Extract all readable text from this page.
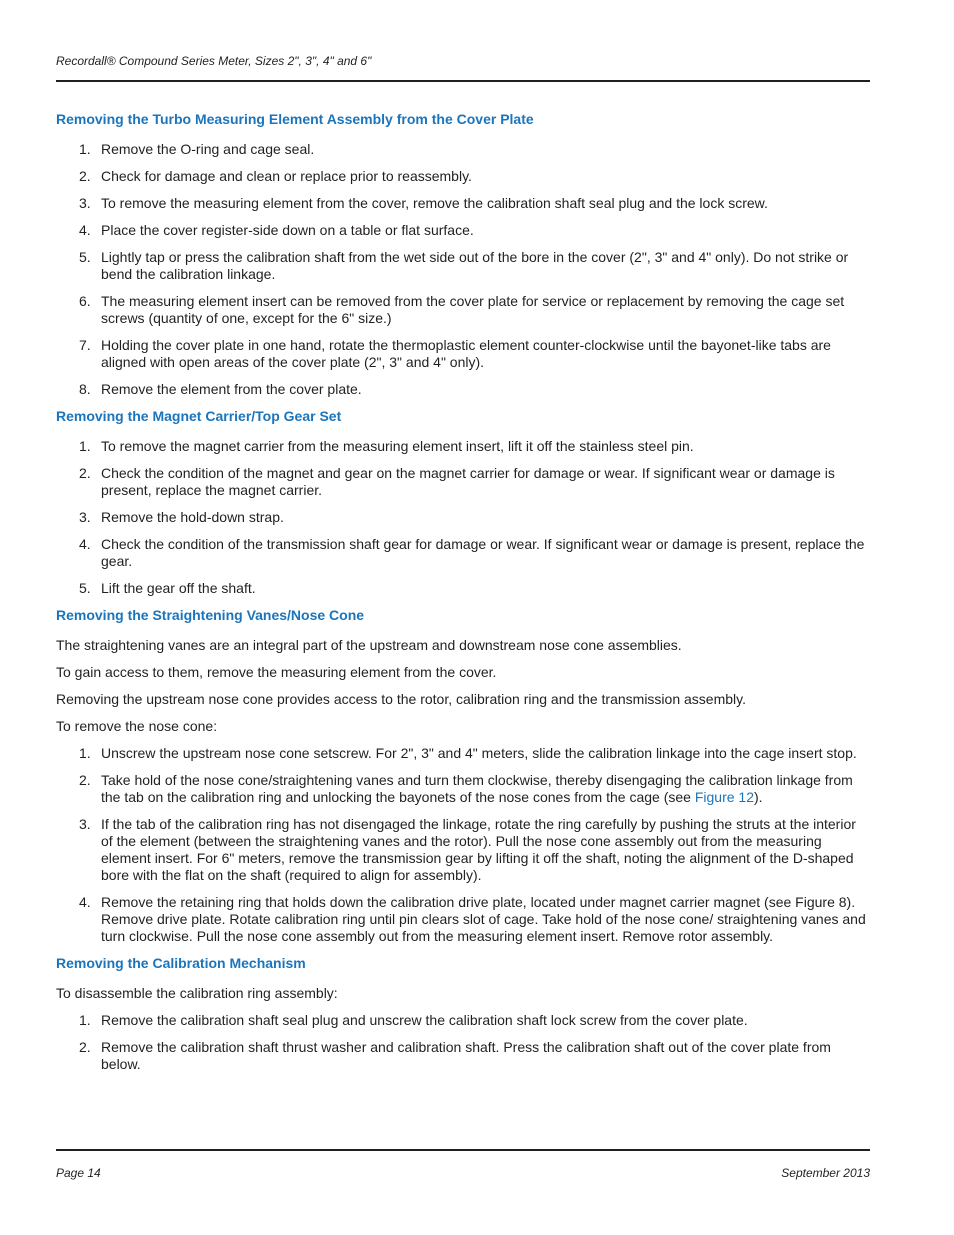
Recordall® Compound Series Meter, Sizes 2", 3", 4" and 6"
Removing the Turbo Measuring Element Assembly from the Cover Plate
1. Remove the O-ring and cage seal.
2. Check for damage and clean or replace prior to reassembly.
3. To remove the measuring element from the cover, remove the calibration shaft seal plug and the lock screw.
4. Place the cover register-side down on a table or flat surface.
5. Lightly tap or press the calibration shaft from the wet side out of the bore in the cover (2", 3" and 4" only). Do not strike or bend the calibration linkage.
6. The measuring element insert can be removed from the cover plate for service or replacement by removing the cage set screws (quantity of one, except for the 6" size.)
7. Holding the cover plate in one hand, rotate the thermoplastic element counter-clockwise until the bayonet-like tabs are aligned with open areas of the cover plate (2", 3" and 4" only).
8. Remove the element from the cover plate.
Removing the Magnet Carrier/Top Gear Set
1. To remove the magnet carrier from the measuring element insert, lift it off the stainless steel pin.
2. Check the condition of the magnet and gear on the magnet carrier for damage or wear. If significant wear or damage is present, replace the magnet carrier.
3. Remove the hold-down strap.
4. Check the condition of the transmission shaft gear for damage or wear. If significant wear or damage is present, replace the gear.
5. Lift the gear off the shaft.
Removing the Straightening Vanes/Nose Cone

The straightening vanes are an integral part of the upstream and downstream nose cone assemblies.

To gain access to them, remove the measuring element from the cover.

Removing the upstream nose cone provides access to the rotor, calibration ring and the transmission assembly.

To remove the nose cone:

1. Unscrew the upstream nose cone setscrew. For 2", 3" and 4" meters, slide the calibration linkage into the cage insert stop.
2. Take hold of the nose cone/straightening vanes and turn them clockwise, thereby disengaging the calibration linkage from the tab on the calibration ring and unlocking the bayonets of the nose cones from the cage (see Figure 12).
3. If the tab of the calibration ring has not disengaged the linkage, rotate the ring carefully by pushing the struts at the interior of the element (between the straightening vanes and the rotor). Pull the nose cone assembly out from the measuring element insert. For 6" meters, remove the transmission gear by lifting it off the shaft, noting the alignment of the D-shaped bore with the flat on the shaft (required to align for assembly).
4. Remove the retaining ring that holds down the calibration drive plate, located under magnet carrier magnet (see Figure 8). Remove drive plate. Rotate calibration ring until pin clears slot of cage. Take hold of the nose cone/ straightening vanes and turn clockwise. Pull the nose cone assembly out from the measuring element insert. Remove rotor assembly.
Removing the Calibration Mechanism

To disassemble the calibration ring assembly:

1. Remove the calibration shaft seal plug and unscrew the calibration shaft lock screw from the cover plate.
2. Remove the calibration shaft thrust washer and calibration shaft. Press the calibration shaft out of the cover plate from below.
Page 14	September 2013
